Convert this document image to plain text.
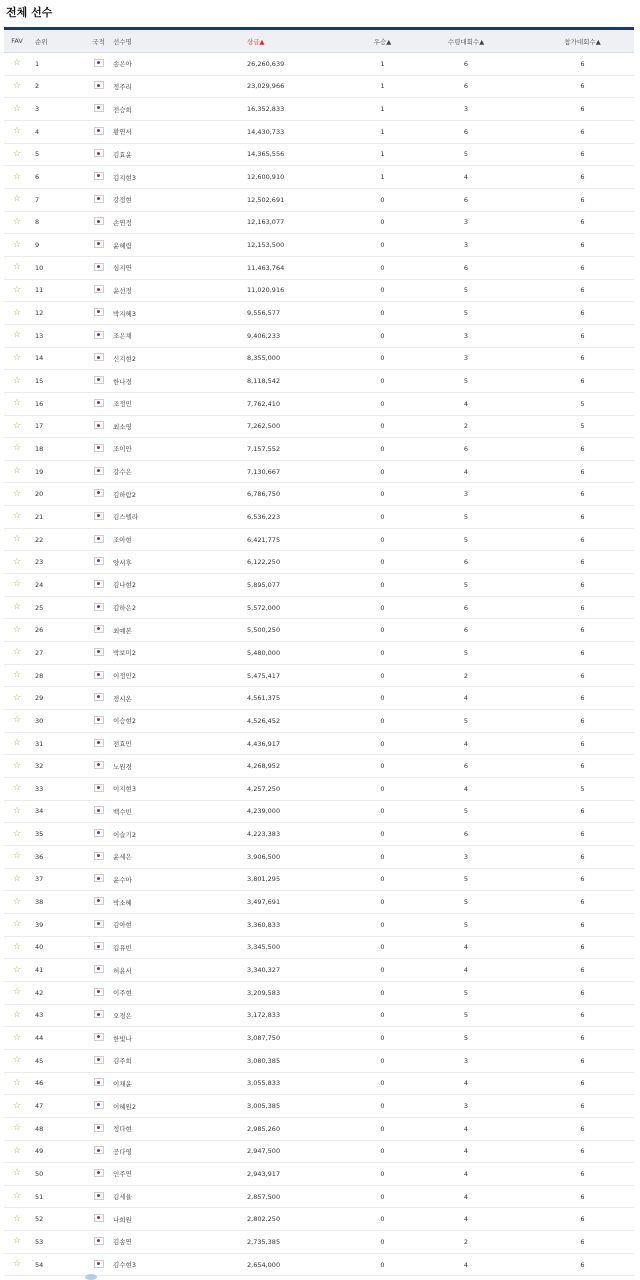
전체 선수
FAV	순위	국적	선수명	상금▲	우승▲	수령대회수▲	참가대회수▲
☆	1		송은아	26,260,639	1	6	6
☆	2		정주리	23,029,966	1	6	6
☆	3		전승희	16,352,833	1	3	6
☆	4		황연서	14,430,733	1	6	6
☆	5		김효윤	14,365,556	1	5	6
☆	6		김지현3	12,600,910	1	4	6
☆	7		강정현	12,502,691	0	6	6
☆	8		손연정	12,163,077	0	3	6
☆	9		윤혜림	12,153,500	0	3	6
☆	10		심지연	11,463,764	0	6	6
☆	11		윤선정	11,020,916	0	5	6
☆	12		박지혜3	9,556,577	0	5	6
☆	13		조은채	9,406,233	0	3	6
☆	14		신지현2	8,355,000	0	3	6
☆	15		한나경	8,118,542	0	5	6
☆	16		조정민	7,762,410	0	4	5
☆	17		최소영	7,262,500	0	2	5
☆	18		조이안	7,157,552	0	6	6
☆	19		강수은	7,130,667	0	4	6
☆	20		김하람2	6,786,750	0	3	6
☆	21		김스텔라	6,536,223	0	5	6
☆	22		조아현	6,421,775	0	5	6
☆	23		양서후	6,122,250	0	6	6
☆	24		김나현2	5,895,077	0	5	6
☆	25		김하은2	5,572,000	0	6	6
☆	26		최예본	5,500,250	0	6	6
☆	27		박보미2	5,480,000	0	5	6
☆	28		이정민2	5,475,417	0	2	6
☆	29		정시온	4,561,375	0	4	6
☆	30		이승현2	4,526,452	0	5	6
☆	31		전효민	4,436,917	0	4	6
☆	32		노원경	4,268,952	0	6	6
☆	33		이지현3	4,257,250	0	4	5
☆	34		백수빈	4,239,000	0	5	6
☆	35		이슬기2	4,223,383	0	6	6
☆	36		윤세은	3,906,500	0	3	6
☆	37		윤수아	3,801,295	0	5	6
☆	38		박소혜	3,497,691	0	5	6
☆	39		김아현	3,360,833	0	5	6
☆	40		김유빈	3,345,500	0	4	6
☆	41		허윤서	3,340,327	0	4	6
☆	42		이주현	3,209,583	0	5	6
☆	43		오경은	3,172,833	0	5	6
☆	44		한빛나	3,087,750	0	5	6
☆	45		김주희	3,080,385	0	3	6
☆	46		이채윤	3,055,833	0	4	6
☆	47		이혜원2	3,005,385	0	3	6
☆	48		정다현	2,985,260	0	4	6
☆	49		공다영	2,947,500	0	4	6
☆	50		인주연	2,943,917	0	4	6
☆	51		김세율	2,857,500	0	4	6
☆	52		나희원	2,802,250	0	4	6
☆	53		김송연	2,735,385	0	2	6
☆	54		김수현3	2,654,000	0	4	6
